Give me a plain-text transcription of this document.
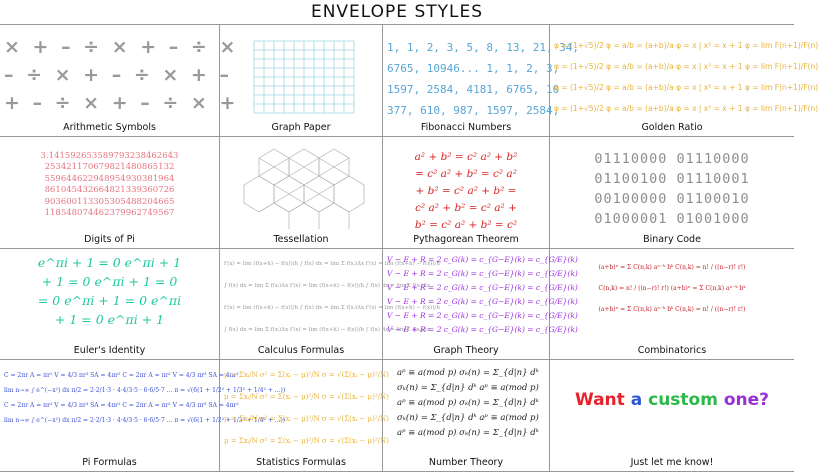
ENVELOPE STYLES
× + – ÷ × + – ÷ ×
– ÷ × + – ÷ × + –
+ – ÷ × + – ÷ × +
Arithmetic Symbols	Graph Paper
1, 1, 2, 3, 5, 8, 13, 21, 34,
6765, 10946... 1, 1, 2, 3,
1597, 2584, 4181, 6765, 10
377, 610, 987, 1597, 2584,
Fibonacci Numbers
φ = (1+√5)/2 φ = a/b = (a+b)/a φ = x | x² = x + 1 φ = lim F(n+1)/F(n)
φ = (1+√5)/2 φ = a/b = (a+b)/a φ = x | x² = x + 1 φ = lim F(n+1)/F(n)
φ = (1+√5)/2 φ = a/b = (a+b)/a φ = x | x² = x + 1 φ = lim F(n+1)/F(n)
φ = (1+√5)/2 φ = a/b = (a+b)/a φ = x | x² = x + 1 φ = lim F(n+1)/F(n)
Golden Ratio
3.141592653589793238462643
253421170679821480865132
559644622948954930381964
861045432664821339360726
903600113305305488204665
118548074462379962749567
Digits of Pi	Tessellation
a² + b² = c² a² + b²
= c² a² + b² = c² a²
+ b² = c² a² + b² =
c² a² + b² = c² a² +
b² = c² a² + b² = c²
Pythagorean Theorem
01110000 01110000
01100100 01110001
00100000 01100010
01000001 01001000
Binary Code
e^πi + 1 = 0 e^πi + 1
+ 1 = 0 e^πi + 1 = 0
= 0 e^πi + 1 = 0 e^πi
+ 1 = 0 e^πi + 1
Euler's Identity
f′(x) = lim (f(x+h) − f(x))/h ∫ f(x) dx = lim Σ f(xᵢ)Δx f′(x) = lim (f(x+h) − f(x))/h
∫ f(x) dx = lim Σ f(xᵢ)Δx f′(x) = lim (f(x+h) − f(x))/h ∫ f(x) dx = lim Σ f(xᵢ)Δx
f′(x) = lim (f(x+h) − f(x))/h ∫ f(x) dx = lim Σ f(xᵢ)Δx f′(x) = lim (f(x+h) − f(x))/h
∫ f(x) dx = lim Σ f(xᵢ)Δx f′(x) = lim (f(x+h) − f(x))/h ∫ f(x) dx = lim Σ f(xᵢ)Δx
Calculus Formulas
V − E + R = 2 c_G(k) = c_{G−E}(k) = c_{G/E}(k)
V − E + R = 2 c_G(k) = c_{G−E}(k) = c_{G/E}(k)
V − E + R = 2 c_G(k) = c_{G−E}(k) = c_{G/E}(k)
V − E + R = 2 c_G(k) = c_{G−E}(k) = c_{G/E}(k)
V − E + R = 2 c_G(k) = c_{G−E}(k) = c_{G/E}(k)
V − E + R = 2 c_G(k) = c_{G−E}(k) = c_{G/E}(k)
Graph Theory
(a+b)ⁿ = Σ C(n,k) aⁿ⁻ᵏ bᵏ C(n,k) = n! / ((n−r)! r!)
C(n,k) = n! / ((n−r)! r!) (a+b)ⁿ = Σ C(n,k) aⁿ⁻ᵏ bᵏ
(a+b)ⁿ = Σ C(n,k) aⁿ⁻ᵏ bᵏ C(n,k) = n! / ((n−r)! r!)
Combinatorics
C = 2πr A = πr² V = 4/3 πr³ SA = 4πr² C = 2πr A = πr² V = 4/3 πr³ SA = 4πr²
lim n→∞ ∫ e^(−x²) dx π/2 = 2·2/1·3 · 4·4/3·5 · 6·6/5·7 ... π = √(6(1 + 1/2² + 1/3² + 1/4² + ...))
C = 2πr A = πr² V = 4/3 πr³ SA = 4πr² C = 2πr A = πr² V = 4/3 πr³ SA = 4πr²
lim n→∞ ∫ e^(−x²) dx π/2 = 2·2/1·3 · 4·4/3·5 · 6·6/5·7 ... π = √(6(1 + 1/2² + 1/3² + 1/4² + ...))
Pi Formulas
μ = Σxᵢ/N σ² = Σ(xᵢ − μ)²/N σ = √(Σ(xᵢ − μ)²/N)
μ = Σxᵢ/N σ² = Σ(xᵢ − μ)²/N σ = √(Σ(xᵢ − μ)²/N)
μ = Σxᵢ/N σ² = Σ(xᵢ − μ)²/N σ = √(Σ(xᵢ − μ)²/N)
μ = Σxᵢ/N σ² = Σ(xᵢ − μ)²/N σ = √(Σ(xᵢ − μ)²/N)
Statistics Formulas
aᵖ ≡ a(mod p) σₖ(n) = Σ_{d|n} dᵏ
σₖ(n) = Σ_{d|n} dᵏ aᵖ ≡ a(mod p)
aᵖ ≡ a(mod p) σₖ(n) = Σ_{d|n} dᵏ
σₖ(n) = Σ_{d|n} dᵏ aᵖ ≡ a(mod p)
aᵖ ≡ a(mod p) σₖ(n) = Σ_{d|n} dᵏ
Number Theory
Want a custom one?
Just let me know!
